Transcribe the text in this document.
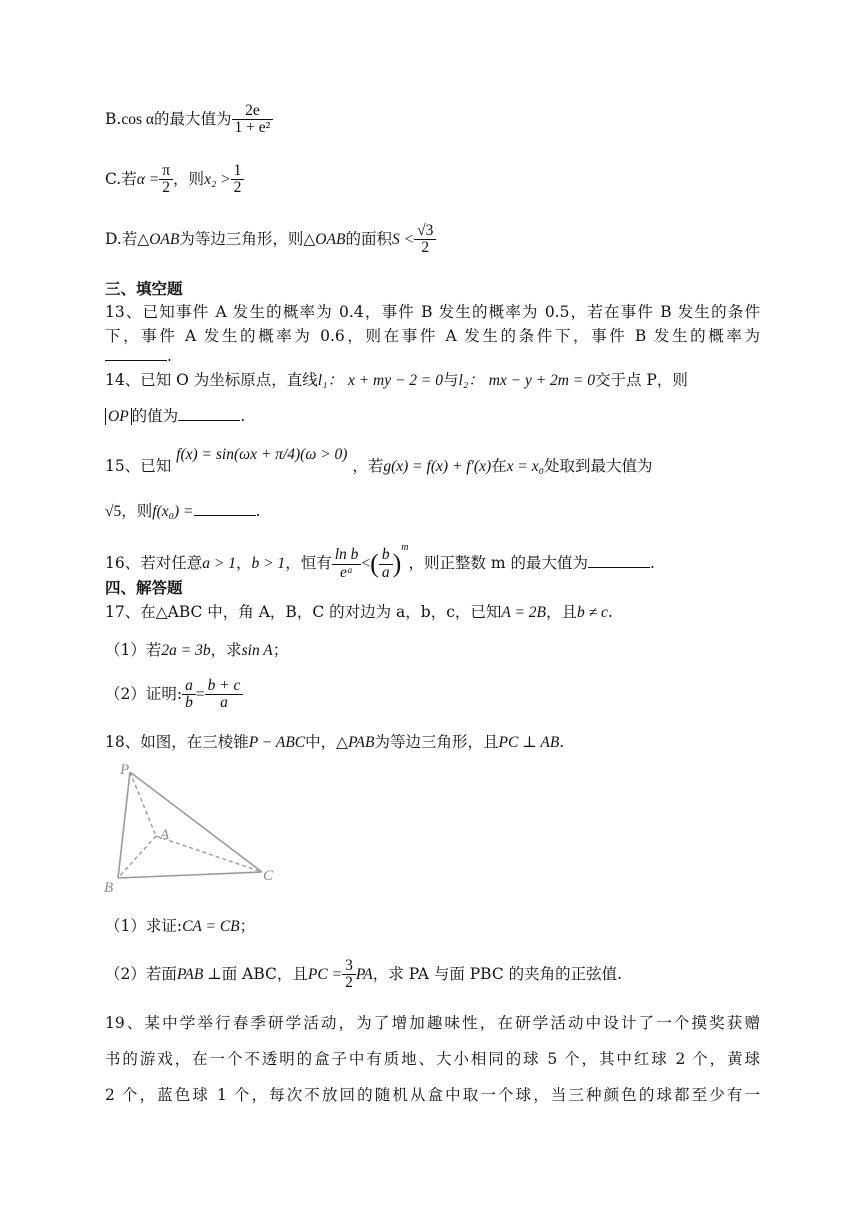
B.cos α的最大值为 $\frac{2e}{\text{1 + e²}}$
C.若$\alpha = \frac{\pi}{2}$ ，则$x_2 > \frac{1}{2}$
D.若△OAB为等边三角形，则△OAB的面积$S < \frac{√3}{2}$
三、填空题
13、已知事件 A 发生的概率为 0.4，事件 B 发生的概率为 0.5，若在事件 B 发生的条件
下，事件 A 发生的概率为 0.6，则在事件 A 发生的条件下，事件 B 发生的概率为
.
14、已知 O 为坐标原点，直线l₁： x + my − 2 = 0与l₂： mx − y + 2m = 0交于点 P，则
OP 的值为	.
15、已知 f(x) = sin(ωx + π/4)(ω > 0) ，若g(x) = f(x) + f′(x)在x = x₀处取到最大值为
√5，则f(x₀) =	.
16、若对任意a > 1，b > 1，恒有 $\frac{\text{ln b}}{\text{eᵃ}}$ <( $\frac{b}{a} )^m$，则正整数 m 的最大值为	.
四、解答题
17、在△ABC 中，角 A，B，C 的对边为 a，b，c，已知A = 2B，且b ≠ c.
（1）若2a = 3b，求sin A；
（2）证明: $\frac{a}{b} = \frac{b + c}{a}$
18、如图，在三棱锥P − ABC中，△PAB为等边三角形，且PC ⊥ AB.
P
A
B
C
（1）求证:CA = CB；
（2）若面PAB ⊥面 ABC，且PC = $\frac{3}{2}$ PA，求 PA 与面 PBC 的夹角的正弦值.
19、某中学举行春季研学活动，为了增加趣味性，在研学活动中设计了一个摸奖获赠
书的游戏，在一个不透明的盒子中有质地、大小相同的球 5 个，其中红球 2 个，黄球
2 个，蓝色球 1 个，每次不放回的随机从盒中取一个球，当三种颜色的球都至少有一
